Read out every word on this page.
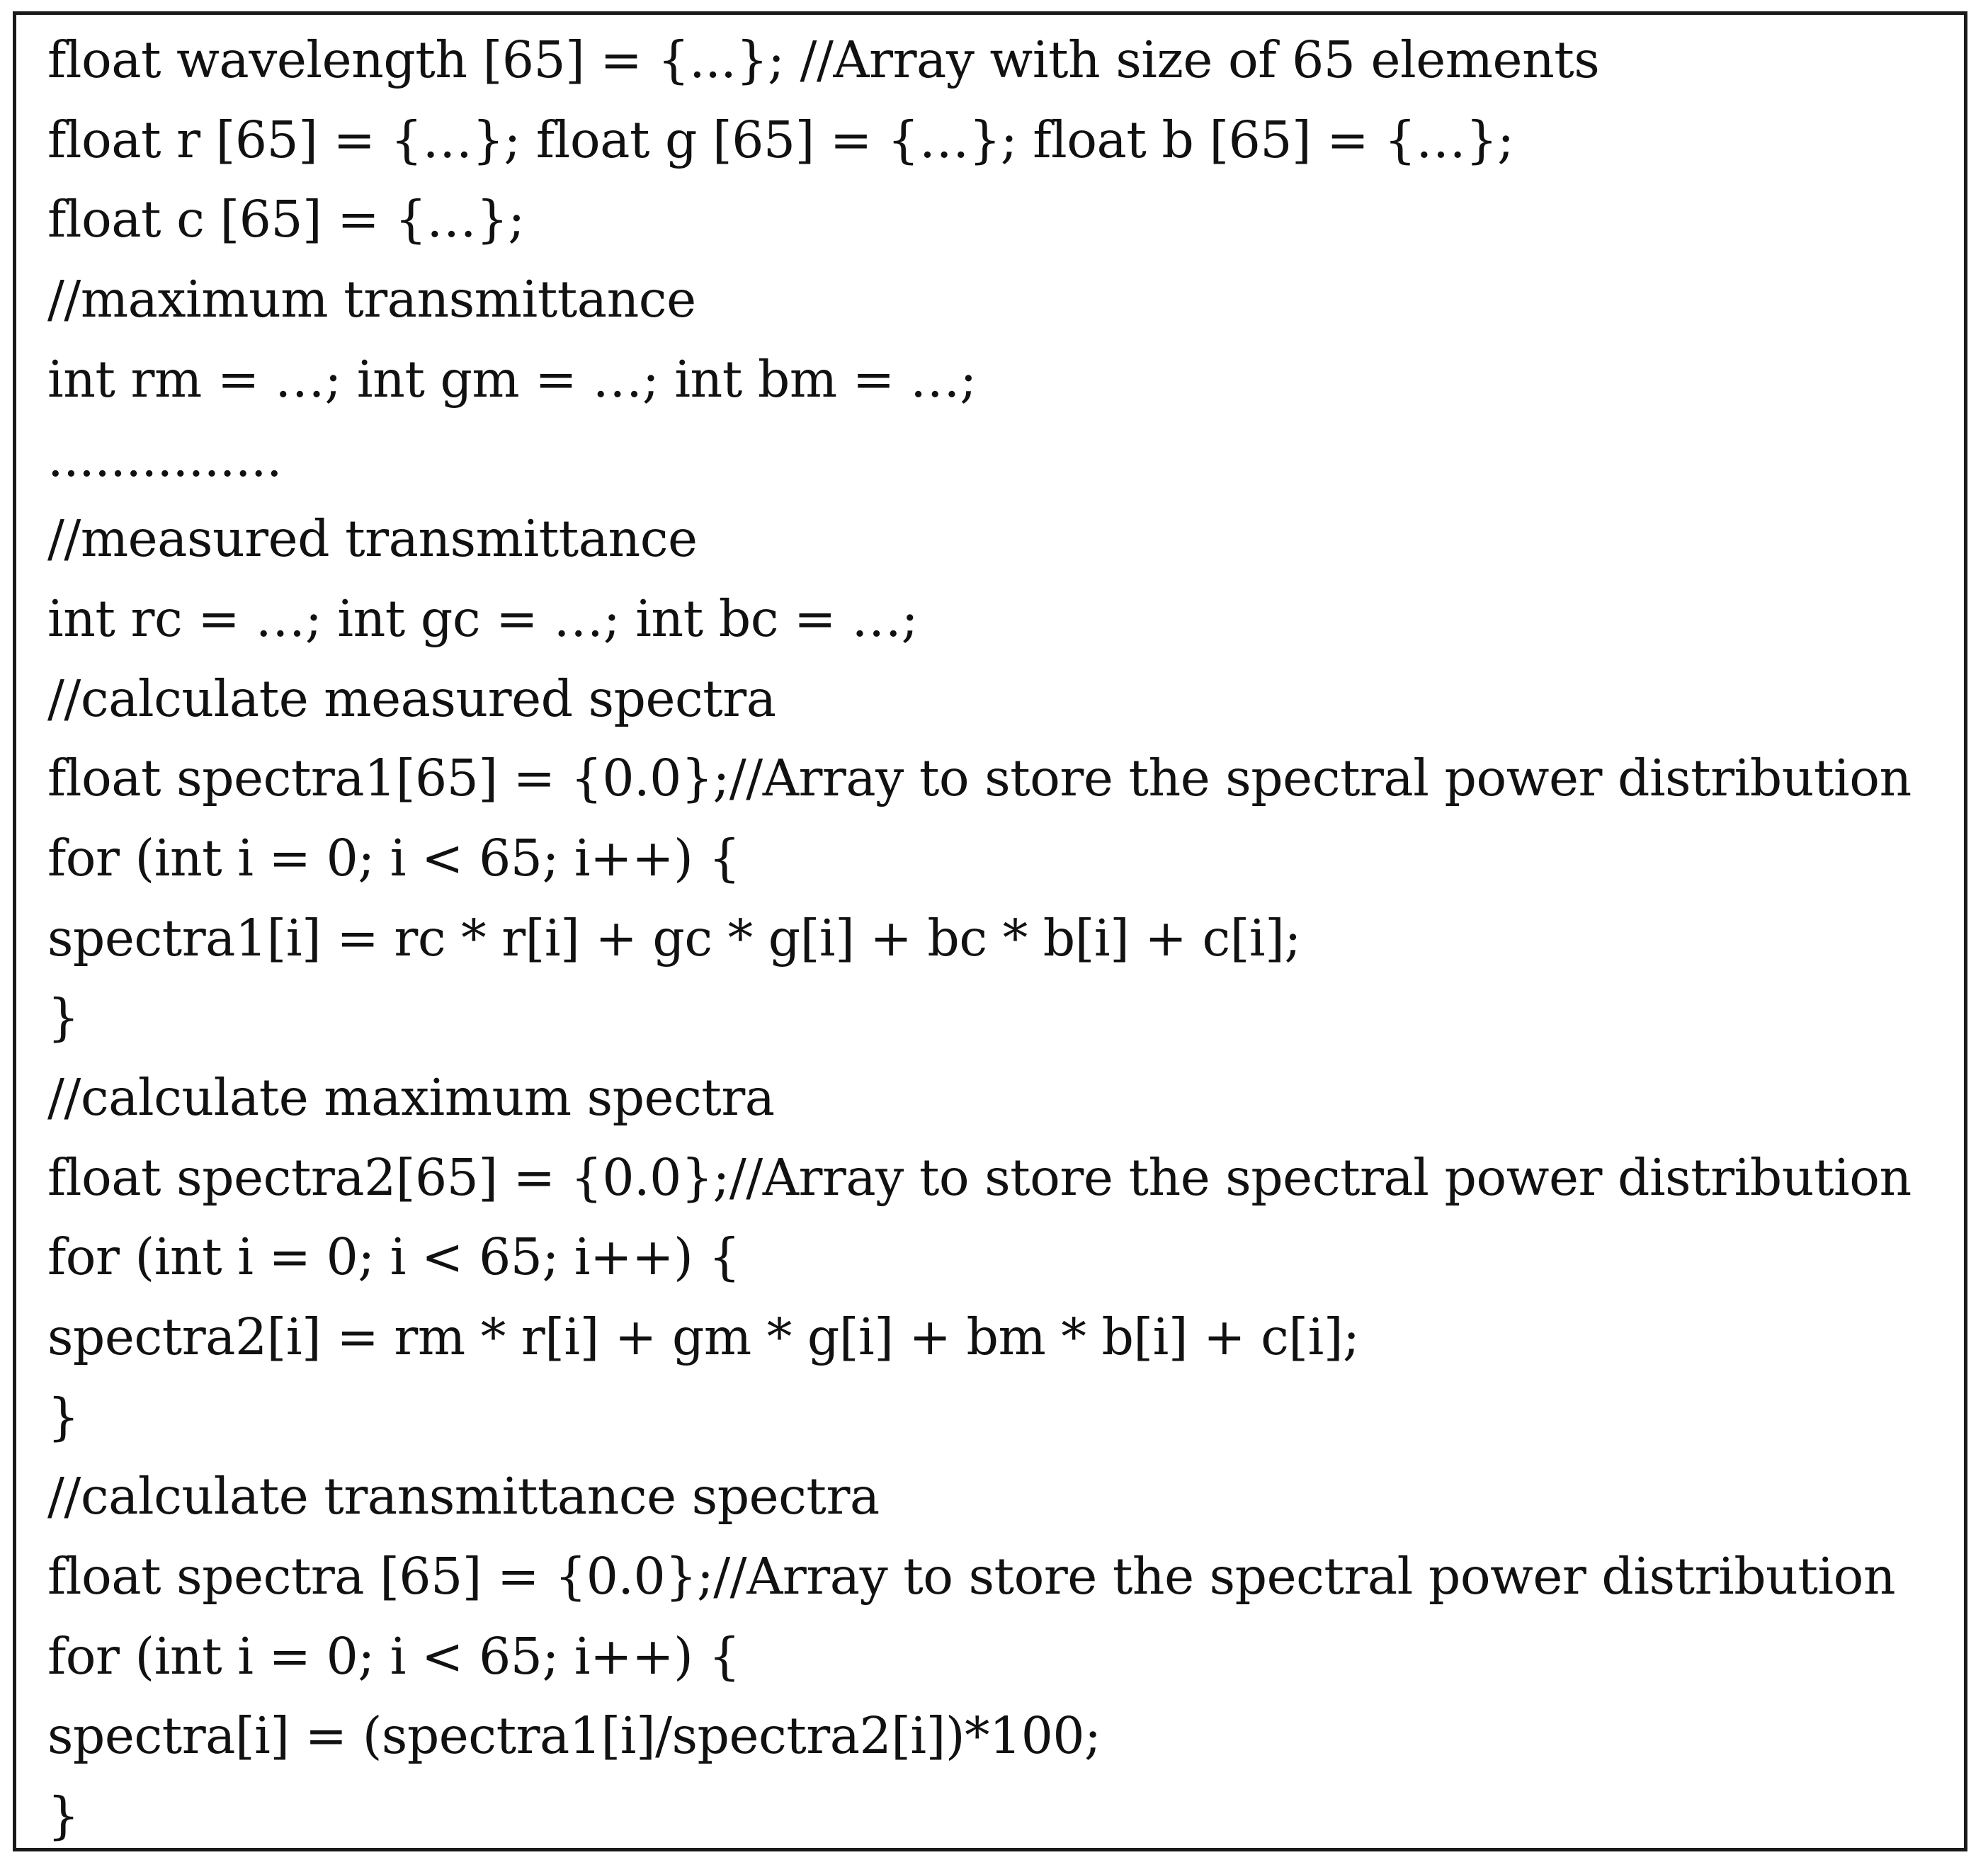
float wavelength [65] = {...}; //Array with size of 65 elements
float r [65] = {…}; float g [65] = {…}; float b [65] = {…};
float c [65] = {…};
//maximum transmittance
int rm = …; int gm = …; int bm = …;
...............
//measured transmittance
int rc = …; int gc = …; int bc = …;
//calculate measured spectra
float spectra1[65] = {0.0};//Array to store the spectral power distribution
for (int i = 0; i < 65; i++) {
spectra1[i] = rc * r[i] + gc * g[i] + bc * b[i] + c[i];
}
//calculate maximum spectra
float spectra2[65] = {0.0};//Array to store the spectral power distribution
for (int i = 0; i < 65; i++) {
spectra2[i] = rm * r[i] + gm * g[i] + bm * b[i] + c[i];
}
//calculate transmittance spectra
float spectra [65] = {0.0};//Array to store the spectral power distribution
for (int i = 0; i < 65; i++) {
spectra[i] = (spectra1[i]/spectra2[i])*100;
}
